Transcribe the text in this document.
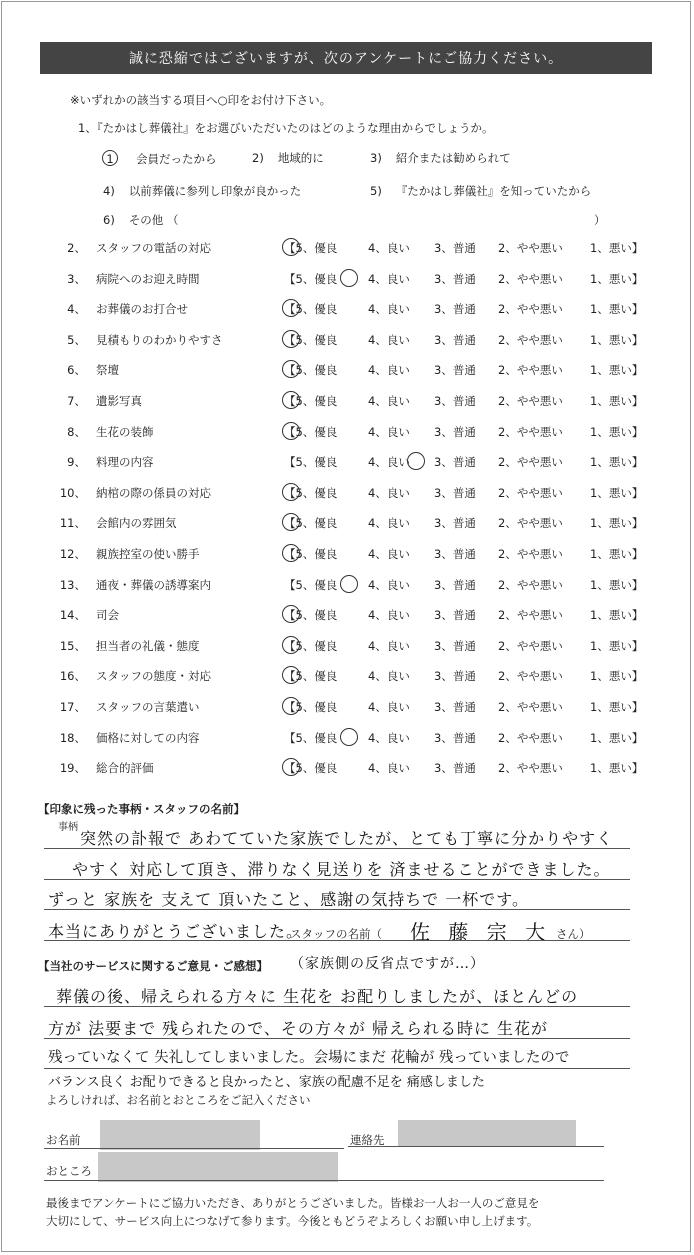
誠に恐縮ではございますが、次のアンケートにご協力ください。
※いずれかの該当する項目へ○印をお付け下さい。
1、『たかはし葬儀社』をお選びいただいたのはどのような理由からでしょうか。
1 会員だったから	2) 地域的に	3) 紹介または勧められて
4) 以前葬儀に参列し印象が良かった	5) 『たかはし葬儀社』を知っていたから
6) その他 （	）
2、 スタッフの電話の対応	【5、優良	4、良い 3、普通 2、やや悪い 1、悪い】
3、 病院へのお迎え時間	【5、優良	4、良い 3、普通 2、やや悪い 1、悪い】
4、 お葬儀のお打合せ	【5、優良	4、良い 3、普通 2、やや悪い 1、悪い】
5、 見積もりのわかりやすさ	【5、優良	4、良い 3、普通 2、やや悪い 1、悪い】
6、 祭壇	【5、優良	4、良い 3、普通 2、やや悪い 1、悪い】
7、 遺影写真	【5、優良	4、良い 3、普通 2、やや悪い 1、悪い】
8、 生花の装飾	【5、優良	4、良い 3、普通 2、やや悪い 1、悪い】
9、 料理の内容	【5、優良	4、良い 3、普通 2、やや悪い 1、悪い】
10、 納棺の際の係員の対応	【5、優良	4、良い 3、普通 2、やや悪い 1、悪い】
11、 会館内の雰囲気	【5、優良	4、良い 3、普通 2、やや悪い 1、悪い】
12、 親族控室の使い勝手	【5、優良	4、良い 3、普通 2、やや悪い 1、悪い】
13、 通夜・葬儀の誘導案内	【5、優良	4、良い 3、普通 2、やや悪い 1、悪い】
14、 司会	【5、優良	4、良い 3、普通 2、やや悪い 1、悪い】
15、 担当者の礼儀・態度	【5、優良	4、良い 3、普通 2、やや悪い 1、悪い】
16、 スタッフの態度・対応	【5、優良	4、良い 3、普通 2、やや悪い 1、悪い】
17、 スタッフの言葉遣い	【5、優良	4、良い 3、普通 2、やや悪い 1、悪い】
18、 価格に対しての内容	【5、優良	4、良い 3、普通 2、やや悪い 1、悪い】
19、 総合的評価	【5、優良	4、良い 3、普通 2、やや悪い 1、悪い】
【印象に残った事柄・スタッフの名前】
事柄
突然の訃報で あわてていた家族でしたが、とても丁寧に分かりやすく
やすく 対応して頂き、滞りなく見送りを 済ませることができました。
ずっと 家族を 支えて 頂いたこと、感謝の気持ちで 一杯です。
本当にありがとうございました。
スタッフの名前（ 佐 藤 宗 大 さん）
【当社のサービスに関するご意見・ご感想】 （家族側の反省点ですが…）
葬儀の後、帰えられる方々に 生花を お配りしましたが、ほとんどの
方が 法要まで 残られたので、その方々が 帰えられる時に 生花が
残っていなくて 失礼してしまいました。会場にまだ 花輪が 残っていましたので
バランス良く お配りできると良かったと、家族の配慮不足を 痛感しました
よろしければ、お名前とおところをご記入ください
お名前	連絡先
おところ
最後までアンケートにご協力いただき、ありがとうございました。皆様お一人お一人のご意見を
大切にして、サービス向上につなげて参ります。今後ともどうぞよろしくお願い申し上げます。
